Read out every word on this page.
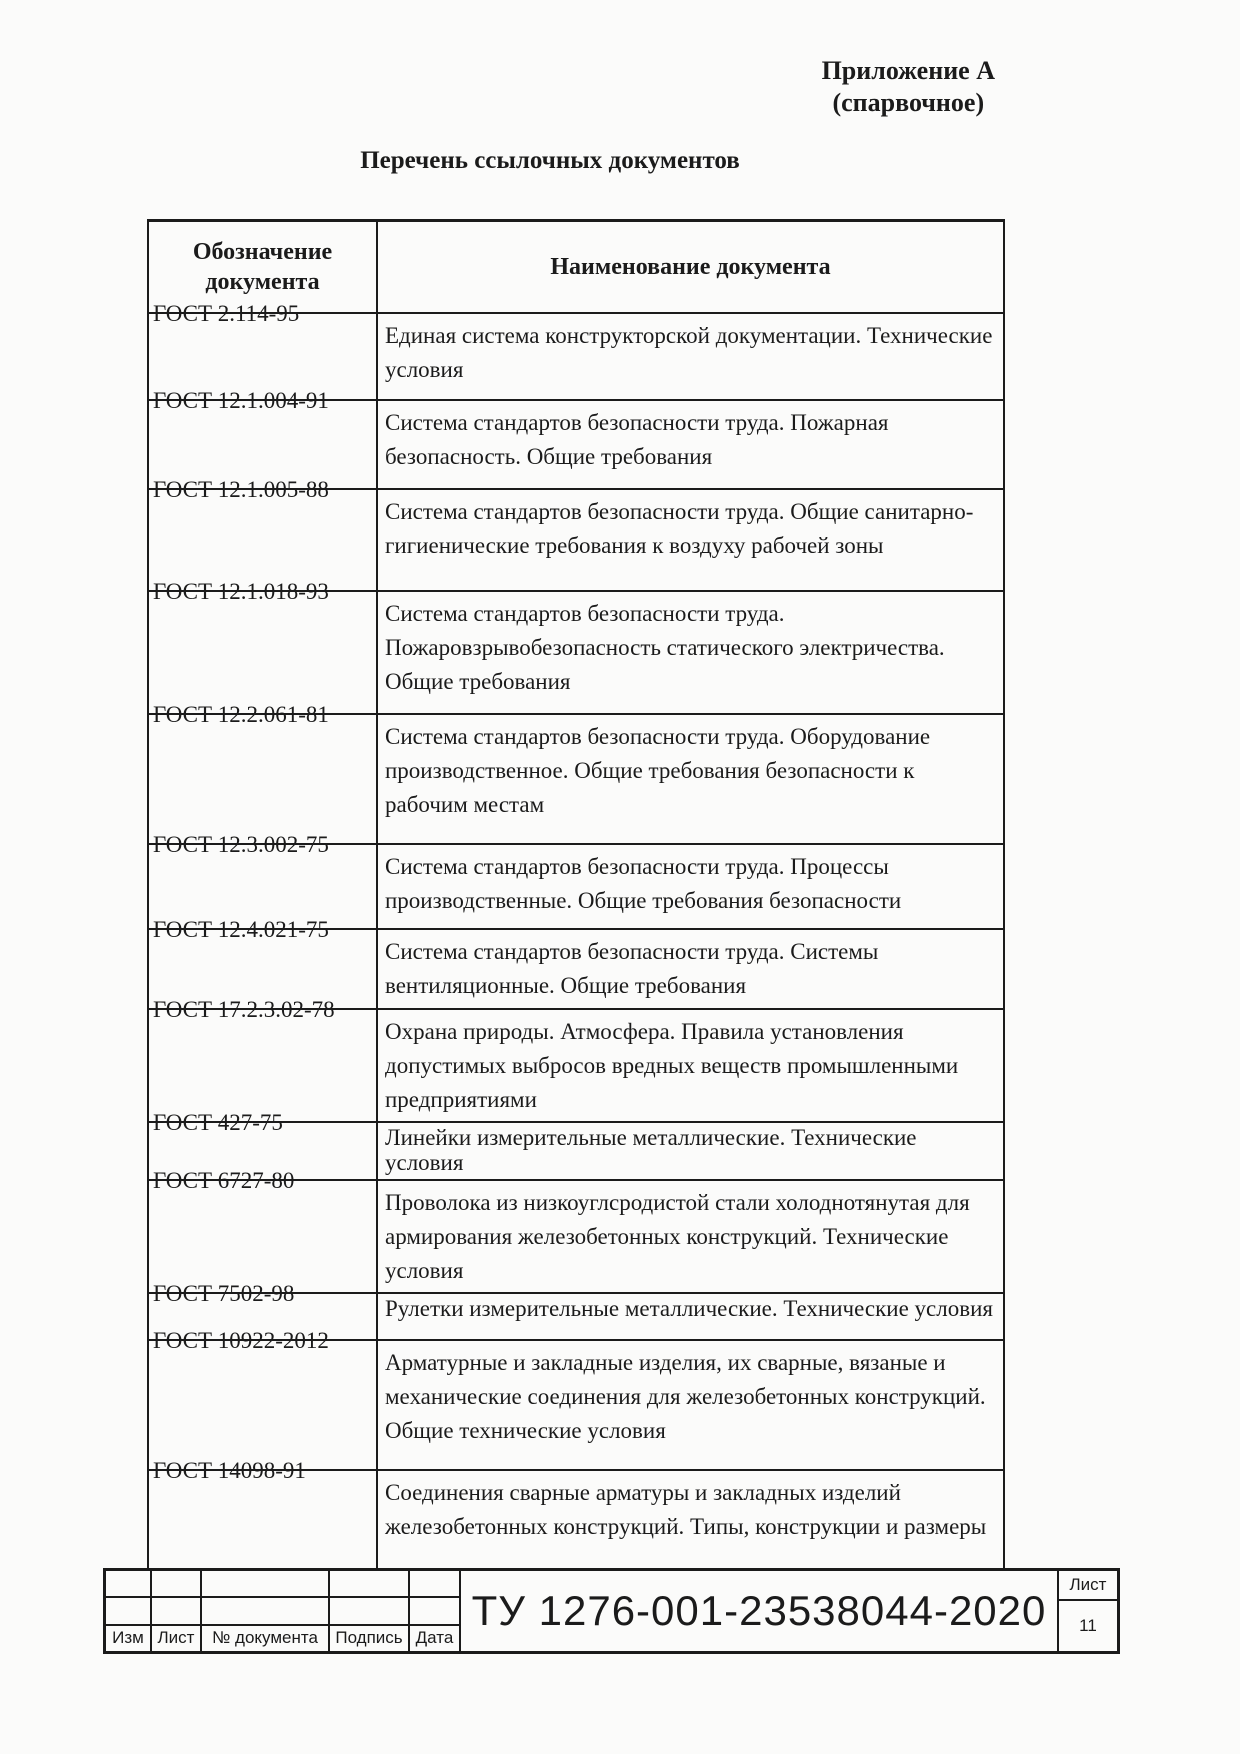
Приложение А
(спарвочное)
Перечень ссылочных документов
Обозначение документа
Наименование документа
ГОСТ 2.114-95
Единая система конструкторской документации. Технические условия
ГОСТ 12.1.004-91
Система стандартов безопасности труда. Пожарная безопасность. Общие требования
ГОСТ 12.1.005-88
Система стандартов безопасности труда. Общие санитарно- гигиенические требования к воздуху рабочей зоны
ГОСТ 12.1.018-93
Система стандартов безопасности труда. Пожаровзрывобезопасность статического электричества. Общие требования
ГОСТ 12.2.061-81
Система стандартов безопасности труда. Оборудование производственное. Общие требования безопасности к рабочим местам
ГОСТ 12.3.002-75
Система стандартов безопасности труда. Процессы производственные. Общие требования безопасности
ГОСТ 12.4.021-75
Система стандартов безопасности труда. Системы вентиляционные. Общие требования
ГОСТ 17.2.3.02-78
Охрана природы. Атмосфера. Правила установления допустимых выбросов вредных веществ промышленными предприятиями
ГОСТ 427-75
Линейки измерительные металлические. Технические условия
ГОСТ 6727-80
Проволока из низкоуглсродистой стали холоднотянутая для армирования железобетонных конструкций. Технические условия
ГОСТ 7502-98
Рулетки измерительные металлические. Технические условия
ГОСТ 10922-2012
Арматурные и закладные изделия, их сварные, вязаные и механические соединения для железобетонных конструкций. Общие технические условия
ГОСТ 14098-91
Соединения сварные арматуры и закладных изделий железобетонных конструкций. Типы, конструкции и размеры
Изм Лист	№ документа	Подпись Дата
ТУ 1276-001-23538044-2020
Лист
11
